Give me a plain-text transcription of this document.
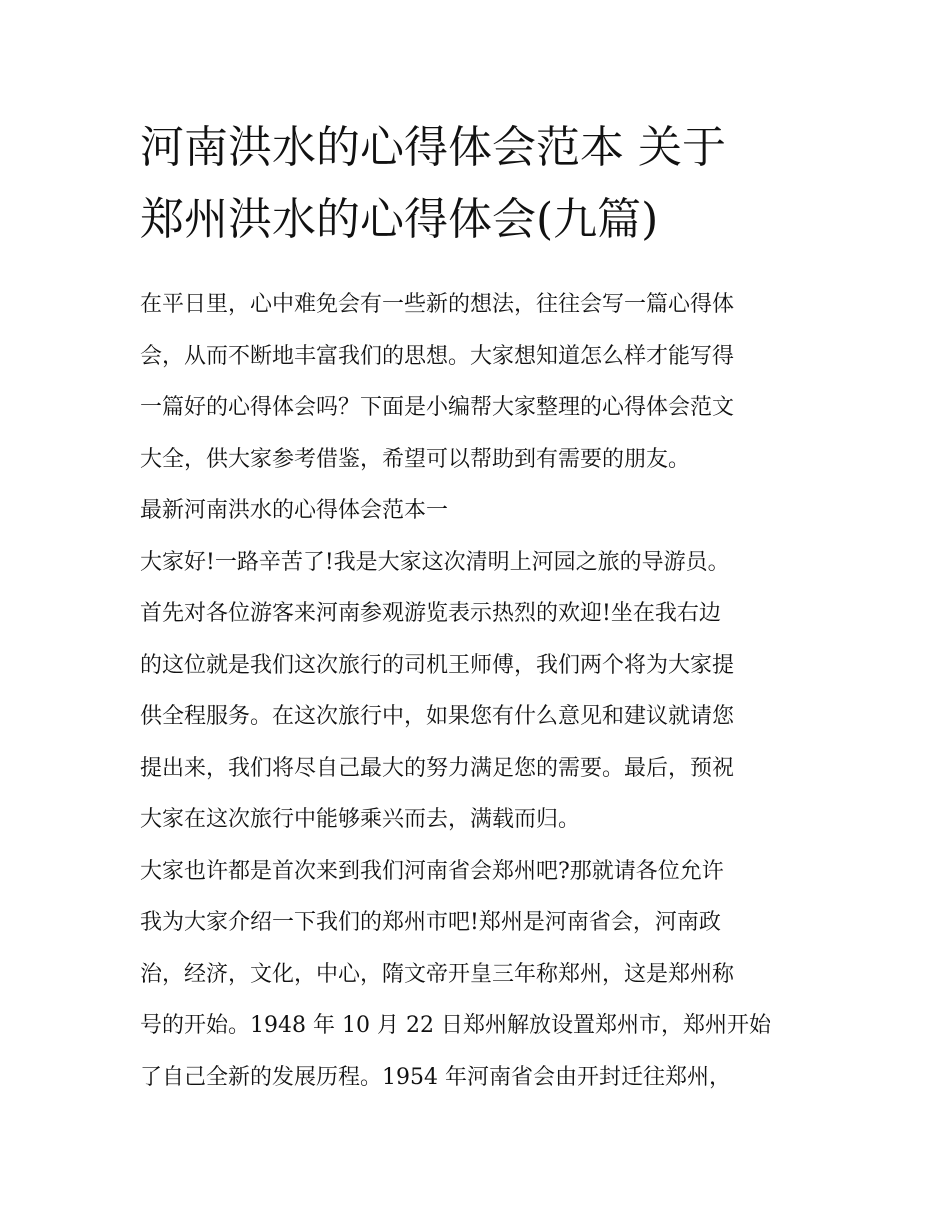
河南洪水的心得体会范本 关于
郑州洪水的心得体会(九篇)
在平日里，心中难免会有一些新的想法，往往会写一篇心得体
会，从而不断地丰富我们的思想。大家想知道怎么样才能写得
一篇好的心得体会吗？下面是小编帮大家整理的心得体会范文
大全，供大家参考借鉴，希望可以帮助到有需要的朋友。
最新河南洪水的心得体会范本一
大家好!一路辛苦了!我是大家这次清明上河园之旅的导游员。
首先对各位游客来河南参观游览表示热烈的欢迎!坐在我右边
的这位就是我们这次旅行的司机王师傅，我们两个将为大家提
供全程服务。在这次旅行中，如果您有什么意见和建议就请您
提出来，我们将尽自己最大的努力满足您的需要。最后，预祝
大家在这次旅行中能够乘兴而去，满载而归。
大家也许都是首次来到我们河南省会郑州吧?那就请各位允许
我为大家介绍一下我们的郑州市吧!郑州是河南省会，河南政
治，经济，文化，中心，隋文帝开皇三年称郑州，这是郑州称
号的开始。1948 年 10 月 22 日郑州解放设置郑州市，郑州开始
了自己全新的发展历程。1954 年河南省会由开封迁往郑州，
